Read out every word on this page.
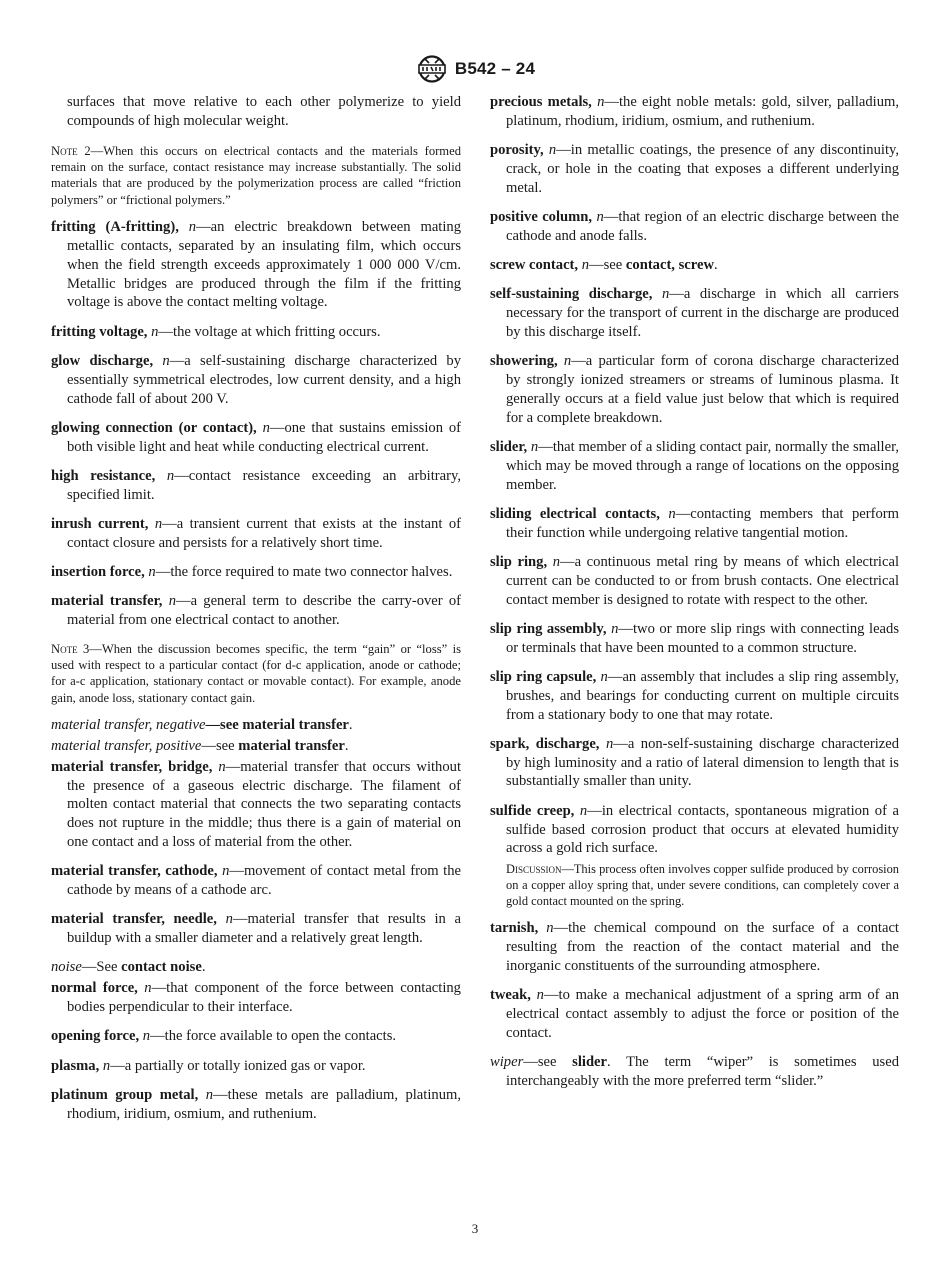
B542 – 24

surfaces that move relative to each other polymerize to yield compounds of high molecular weight.

Note 2—When this occurs on electrical contacts and the materials formed remain on the surface, contact resistance may increase substantially. The solid materials that are produced by the polymerization process are called “friction polymers” or “frictional polymers.”

fritting (A-fritting), n—an electric breakdown between mating metallic contacts, separated by an insulating film, which occurs when the field strength exceeds approximately 1 000 000 V/cm. Metallic bridges are produced through the film if the fritting voltage is above the contact melting voltage.

fritting voltage, n—the voltage at which fritting occurs.

glow discharge, n—a self-sustaining discharge characterized by essentially symmetrical electrodes, low current density, and a high cathode fall of about 200 V.

glowing connection (or contact), n—one that sustains emission of both visible light and heat while conducting electrical current.

high resistance, n—contact resistance exceeding an arbitrary, specified limit.

inrush current, n—a transient current that exists at the instant of contact closure and persists for a relatively short time.

insertion force, n—the force required to mate two connector halves.

material transfer, n—a general term to describe the carry-over of material from one electrical contact to another.

Note 3—When the discussion becomes specific, the term “gain” or “loss” is used with respect to a particular contact (for d-c application, anode or cathode; for a-c application, stationary contact or movable contact). For example, anode gain, anode loss, stationary contact gain.

material transfer, negative—see material transfer.

material transfer, positive—see material transfer.

material transfer, bridge, n—material transfer that occurs without the presence of a gaseous electric discharge. The filament of molten contact material that connects the two separating contacts does not rupture in the middle; thus there is a gain of material on one contact and a loss of material from the other.

material transfer, cathode, n—movement of contact metal from the cathode by means of a cathode arc.

material transfer, needle, n—material transfer that results in a buildup with a smaller diameter and a relatively great length.

noise—See contact noise.

normal force, n—that component of the force between contacting bodies perpendicular to their interface.

opening force, n—the force available to open the contacts.

plasma, n—a partially or totally ionized gas or vapor.

platinum group metal, n—these metals are palladium, platinum, rhodium, iridium, osmium, and ruthenium.

precious metals, n—the eight noble metals: gold, silver, palladium, platinum, rhodium, iridium, osmium, and ruthenium.

porosity, n—in metallic coatings, the presence of any discontinuity, crack, or hole in the coating that exposes a different underlying metal.

positive column, n—that region of an electric discharge between the cathode and anode falls.

screw contact, n—see contact, screw.

self-sustaining discharge, n—a discharge in which all carriers necessary for the transport of current in the discharge are produced by this discharge itself.

showering, n—a particular form of corona discharge characterized by strongly ionized streamers or streams of luminous plasma. It generally occurs at a field value just below that which is required for a complete breakdown.

slider, n—that member of a sliding contact pair, normally the smaller, which may be moved through a range of locations on the opposing member.

sliding electrical contacts, n—contacting members that perform their function while undergoing relative tangential motion.

slip ring, n—a continuous metal ring by means of which electrical current can be conducted to or from brush contacts. One electrical contact member is designed to rotate with respect to the other.

slip ring assembly, n—two or more slip rings with connecting leads or terminals that have been mounted to a common structure.

slip ring capsule, n—an assembly that includes a slip ring assembly, brushes, and bearings for conducting current on multiple circuits from a stationary body to one that may rotate.

spark, discharge, n—a non-self-sustaining discharge characterized by high luminosity and a ratio of lateral dimension to length that is substantially smaller than unity.

sulfide creep, n—in electrical contacts, spontaneous migration of a sulfide based corrosion product that occurs at elevated humidity across a gold rich surface.

Discussion—This process often involves copper sulfide produced by corrosion on a copper alloy spring that, under severe conditions, can completely cover a gold contact mounted on the spring.

tarnish, n—the chemical compound on the surface of a contact resulting from the reaction of the contact material and the inorganic constituents of the surrounding atmosphere.

tweak, n—to make a mechanical adjustment of a spring arm of an electrical contact assembly to adjust the force or position of the contact.

wiper—see slider. The term “wiper” is sometimes used interchangeably with the more preferred term “slider.”

3
